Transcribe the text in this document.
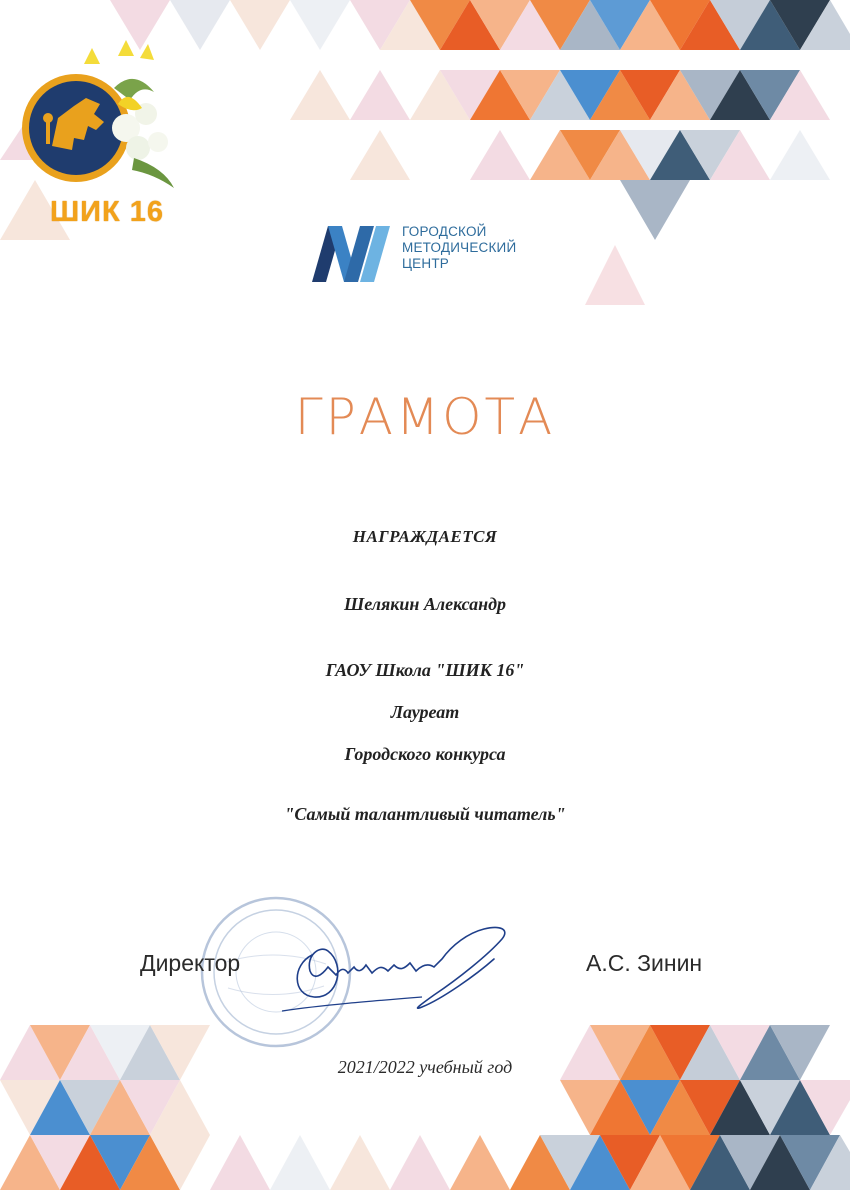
ШИК 16
ГОРОДСКОЙ
МЕТОДИЧЕСКИЙ
ЦЕНТР
ГРАМОТА
НАГРАЖДАЕТСЯ
Шелякин Александр
ГАОУ Школа "ШИК 16"
Лауреат
Городского конкурса
"Самый талантливый читатель"
Директор	А.С. Зинин
2021/2022 учебный год
